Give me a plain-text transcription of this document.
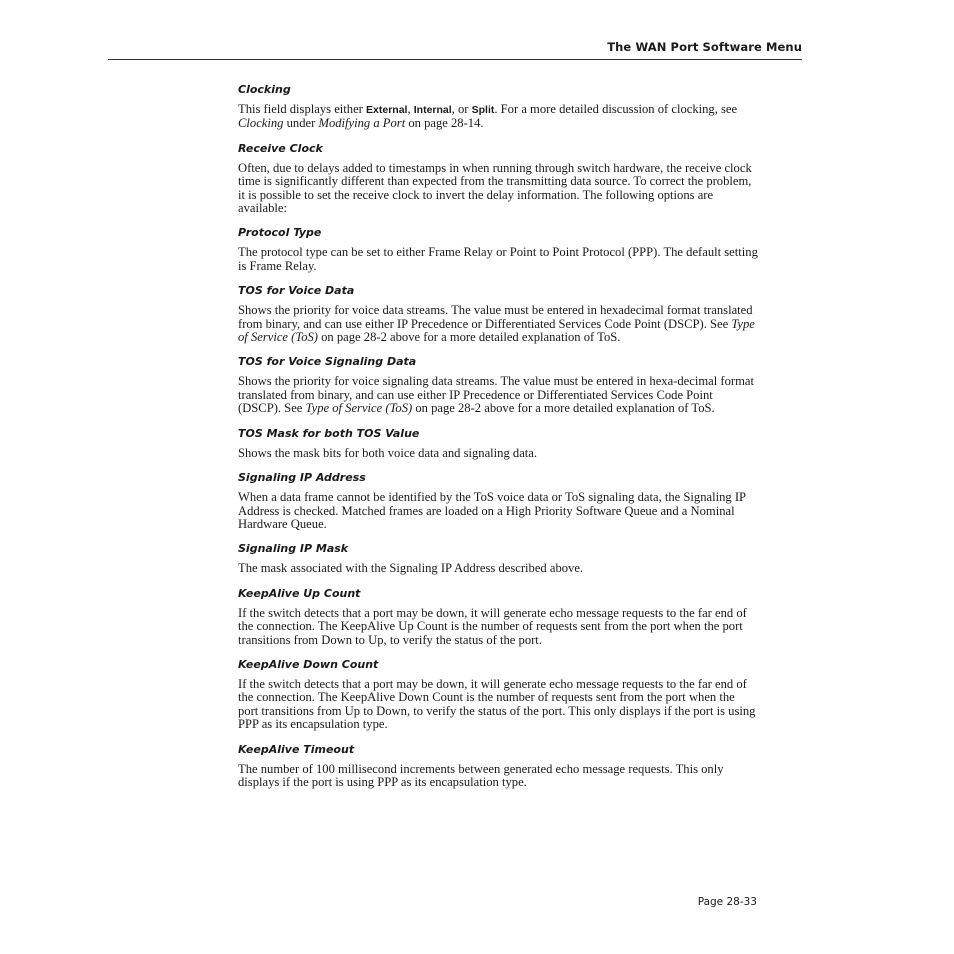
The WAN Port Software Menu
Clocking

This field displays either External, Internal, or Split. For a more detailed discussion of clocking, see Clocking under Modifying a Port on page 28-14.

Receive Clock

Often, due to delays added to timestamps in when running through switch hardware, the receive clock time is significantly different than expected from the transmitting data source. To correct the problem, it is possible to set the receive clock to invert the delay information. The following options are available:

Protocol Type

The protocol type can be set to either Frame Relay or Point to Point Protocol (PPP). The default setting is Frame Relay.

TOS for Voice Data

Shows the priority for voice data streams. The value must be entered in hexadecimal format translated from binary, and can use either IP Precedence or Differentiated Services Code Point (DSCP). See Type of Service (ToS) on page 28-2 above for a more detailed explanation of ToS.

TOS for Voice Signaling Data

Shows the priority for voice signaling data streams. The value must be entered in hexa-decimal format translated from binary, and can use either IP Precedence or Differentiated Services Code Point (DSCP). See Type of Service (ToS) on page 28-2 above for a more detailed explanation of ToS.

TOS Mask for both TOS Value

Shows the mask bits for both voice data and signaling data.

Signaling IP Address

When a data frame cannot be identified by the ToS voice data or ToS signaling data, the Signaling IP Address is checked. Matched frames are loaded on a High Priority Software Queue and a Nominal Hardware Queue.

Signaling IP Mask

The mask associated with the Signaling IP Address described above.

KeepAlive Up Count

If the switch detects that a port may be down, it will generate echo message requests to the far end of the connection. The KeepAlive Up Count is the number of requests sent from the port when the port transitions from Down to Up, to verify the status of the port.

KeepAlive Down Count

If the switch detects that a port may be down, it will generate echo message requests to the far end of the connection. The KeepAlive Down Count is the number of requests sent from the port when the port transitions from Up to Down, to verify the status of the port. This only displays if the port is using PPP as its encapsulation type.

KeepAlive Timeout

The number of 100 millisecond increments between generated echo message requests. This only displays if the port is using PPP as its encapsulation type.

Page 28-33
